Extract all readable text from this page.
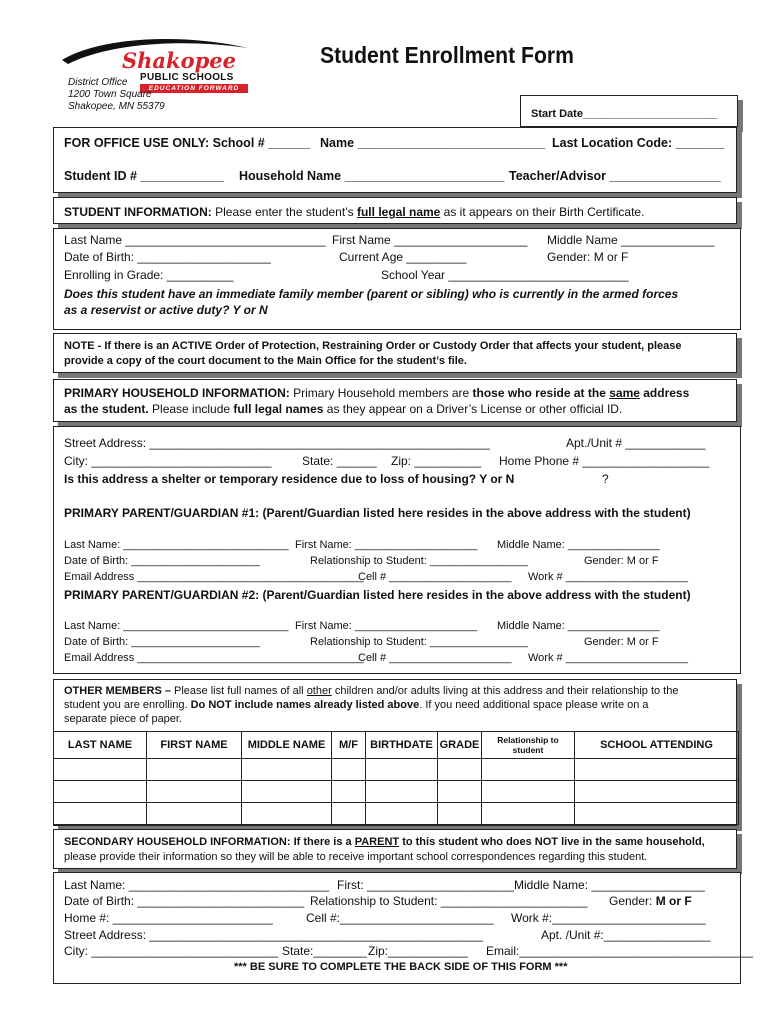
Shakopee
PUBLIC SCHOOLS
EDUCATION FORWARD
District Office
1200 Town Square
Shakopee, MN 55379
Student Enrollment Form
Start Date______________________
FOR OFFICE USE ONLY: School # ______ Name ___________________________ Last Location Code: _______
Student ID # ____________ Household Name _______________________ Teacher/Advisor ________________
STUDENT INFORMATION: Please enter the student’s full legal name as it appears on their Birth Certificate.
Last Name ______________________________ First Name ____________________ Middle Name ______________
Date of Birth: ____________________	Current Age _________	Gender: M or F
Enrolling in Grade: __________	School Year ___________________________
Does this student have an immediate family member (parent or sibling) who is currently in the armed forces
as a reservist or active duty? Y or N
NOTE - If there is an ACTIVE Order of Protection, Restraining Order or Custody Order that affects your student, please
provide a copy of the court document to the Main Office for the student’s file.
PRIMARY HOUSEHOLD INFORMATION: Primary Household members are those who reside at the same address
as the student. Please include full legal names as they appear on a Driver’s License or other official ID.
Street Address: ___________________________________________________	Apt./Unit # ____________
City: ___________________________	State: ______ Zip: __________ Home Phone # ___________________
Is this address a shelter or temporary residence due to loss of housing? Y or N	?
PRIMARY PARENT/GUARDIAN #1: (Parent/Guardian listed here resides in the above address with the student)
Last Name: ___________________________ First Name: ____________________ Middle Name: _______________
Date of Birth: _____________________	Relationship to Student: ________________	Gender: M or F
Email Address _____________________________________
Cell # ____________________ Work # ____________________
PRIMARY PARENT/GUARDIAN #2: (Parent/Guardian listed here resides in the above address with the student)
Last Name: ___________________________ First Name: ____________________ Middle Name: _______________
Date of Birth: _____________________	Relationship to Student: ________________	Gender: M or F
Email Address _____________________________________
Cell # ____________________ Work # ____________________
OTHER MEMBERS – Please list full names of all other children and/or adults living at this address and their relationship to the
student you are enrolling. Do NOT include names already listed above. If you need additional space please write on a
separate piece of paper.
LAST NAME	FIRST NAME	MIDDLE NAME	M/F	BIRTHDATE	GRADE	Relationship to student	SCHOOL ATTENDING

SECONDARY HOUSEHOLD INFORMATION: If there is a PARENT to this student who does NOT live in the same household,
please provide their information so they will be able to receive important school correspondences regarding this student.
Last Name: ______________________________ First: ______________________ Middle Name: _________________
Date of Birth: _________________________ Relationship to Student: ______________________ Gender: M or F
Home #: ________________________	Cell #:_______________________ Work #:_______________________
Street Address: __________________________________________________	Apt. /Unit #:________________
City: ____________________________ State:________ Zip:____________ Email:___________________________________
*** BE SURE TO COMPLETE THE BACK SIDE OF THIS FORM ***
